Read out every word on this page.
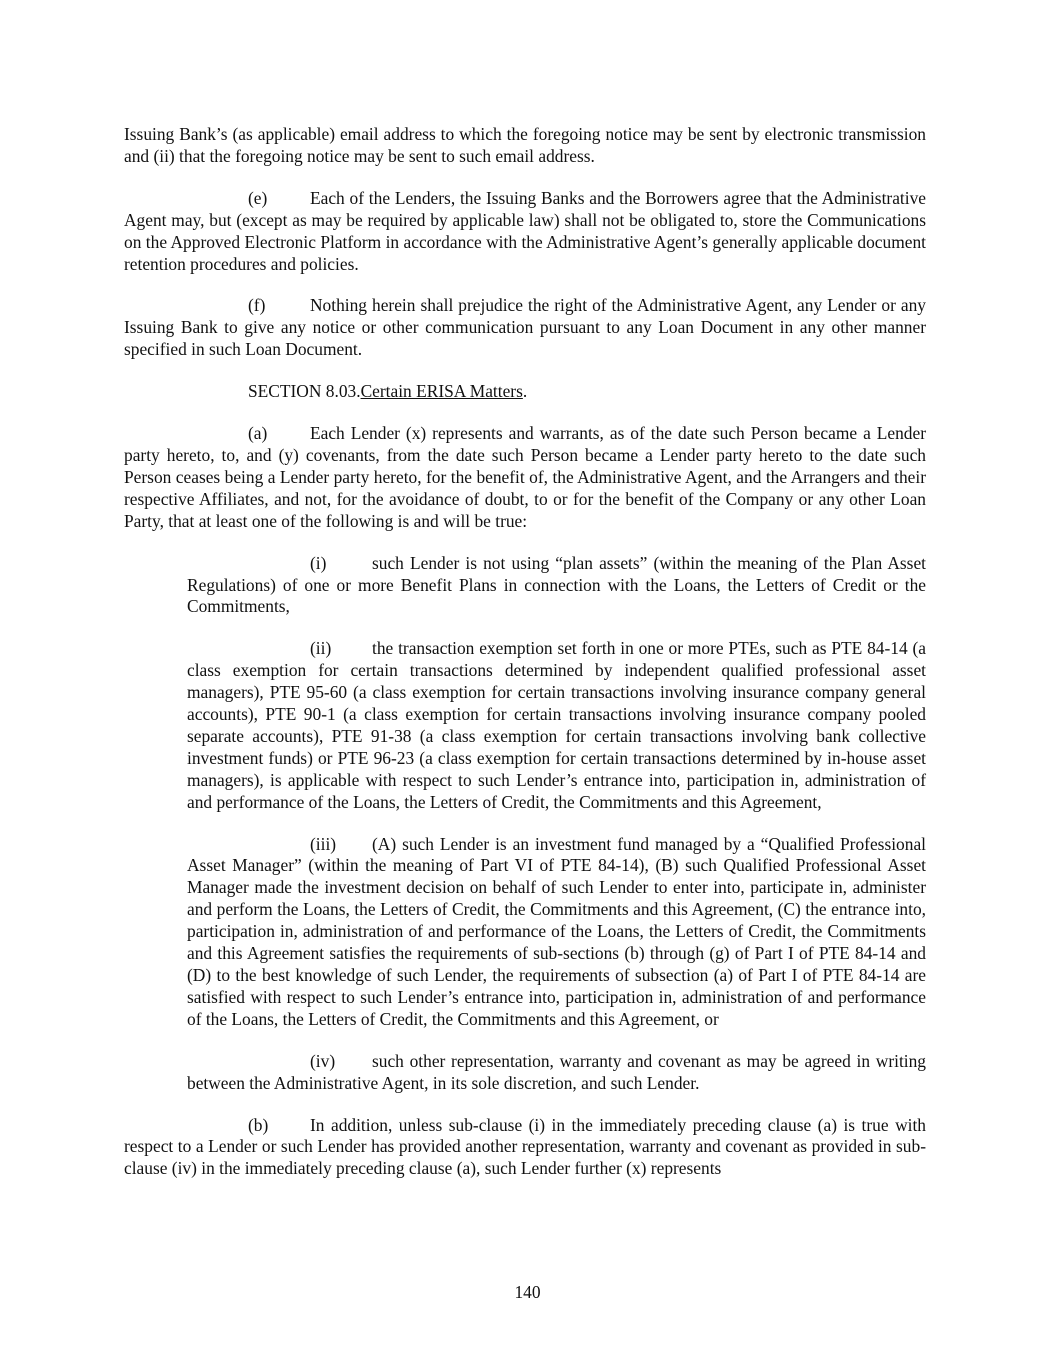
Issuing Bank’s (as applicable) email address to which the foregoing notice may be sent by electronic transmission and (ii) that the foregoing notice may be sent to such email address.

(e) Each of the Lenders, the Issuing Banks and the Borrowers agree that the Administrative Agent may, but (except as may be required by applicable law) shall not be obligated to, store the Communications on the Approved Electronic Platform in accordance with the Administrative Agent’s generally applicable document retention procedures and policies.

(f)	Nothing herein shall prejudice the right of the Administrative Agent, any Lender or any Issuing Bank to give any notice or other communication pursuant to any Loan Document in any other manner specified in such Loan Document.

SECTION 8.03.Certain ERISA Matters.

(a) Each Lender (x) represents and warrants, as of the date such Person became a Lender party hereto, to, and (y) covenants, from the date such Person became a Lender party hereto to the date such Person ceases being a Lender party hereto, for the benefit of, the Administrative Agent, and the Arrangers and their respective Affiliates, and not, for the avoidance of doubt, to or for the benefit of the Company or any other Loan Party, that at least one of the following is and will be true:

(i)	such Lender is not using “plan assets” (within the meaning of the Plan Asset Regulations) of one or more Benefit Plans in connection with the Loans, the Letters of Credit or the Commitments,

(ii) the transaction exemption set forth in one or more PTEs, such as PTE 84-14 (a class exemption for certain transactions determined by independent qualified professional asset managers), PTE 95-60 (a class exemption for certain transactions involving insurance company general accounts), PTE 90-1 (a class exemption for certain transactions involving insurance company pooled separate accounts), PTE 91-38 (a class exemption for certain transactions involving bank collective investment funds) or PTE 96-23 (a class exemption for certain transactions determined by in-house asset managers), is applicable with respect to such Lender’s entrance into, participation in, administration of and performance of the Loans, the Letters of Credit, the Commitments and this Agreement,

(iii) (A) such Lender is an investment fund managed by a “Qualified Professional Asset Manager” (within the meaning of Part VI of PTE 84-14), (B) such Qualified Professional Asset Manager made the investment decision on behalf of such Lender to enter into, participate in, administer and perform the Loans, the Letters of Credit, the Commitments and this Agreement, (C) the entrance into, participation in, administration of and performance of the Loans, the Letters of Credit, the Commitments and this Agreement satisfies the requirements of sub-sections (b) through (g) of Part I of PTE 84-14 and (D) to the best knowledge of such Lender, the requirements of subsection (a) of Part I of PTE 84-14 are satisfied with respect to such Lender’s entrance into, participation in, administration of and performance of the Loans, the Letters of Credit, the Commitments and this Agreement, or

(iv) such other representation, warranty and covenant as may be agreed in writing between the Administrative Agent, in its sole discretion, and such Lender.

(b) In addition, unless sub-clause (i) in the immediately preceding clause (a) is true with respect to a Lender or such Lender has provided another representation, warranty and covenant as provided in sub-clause (iv) in the immediately preceding clause (a), such Lender further (x) represents

140
